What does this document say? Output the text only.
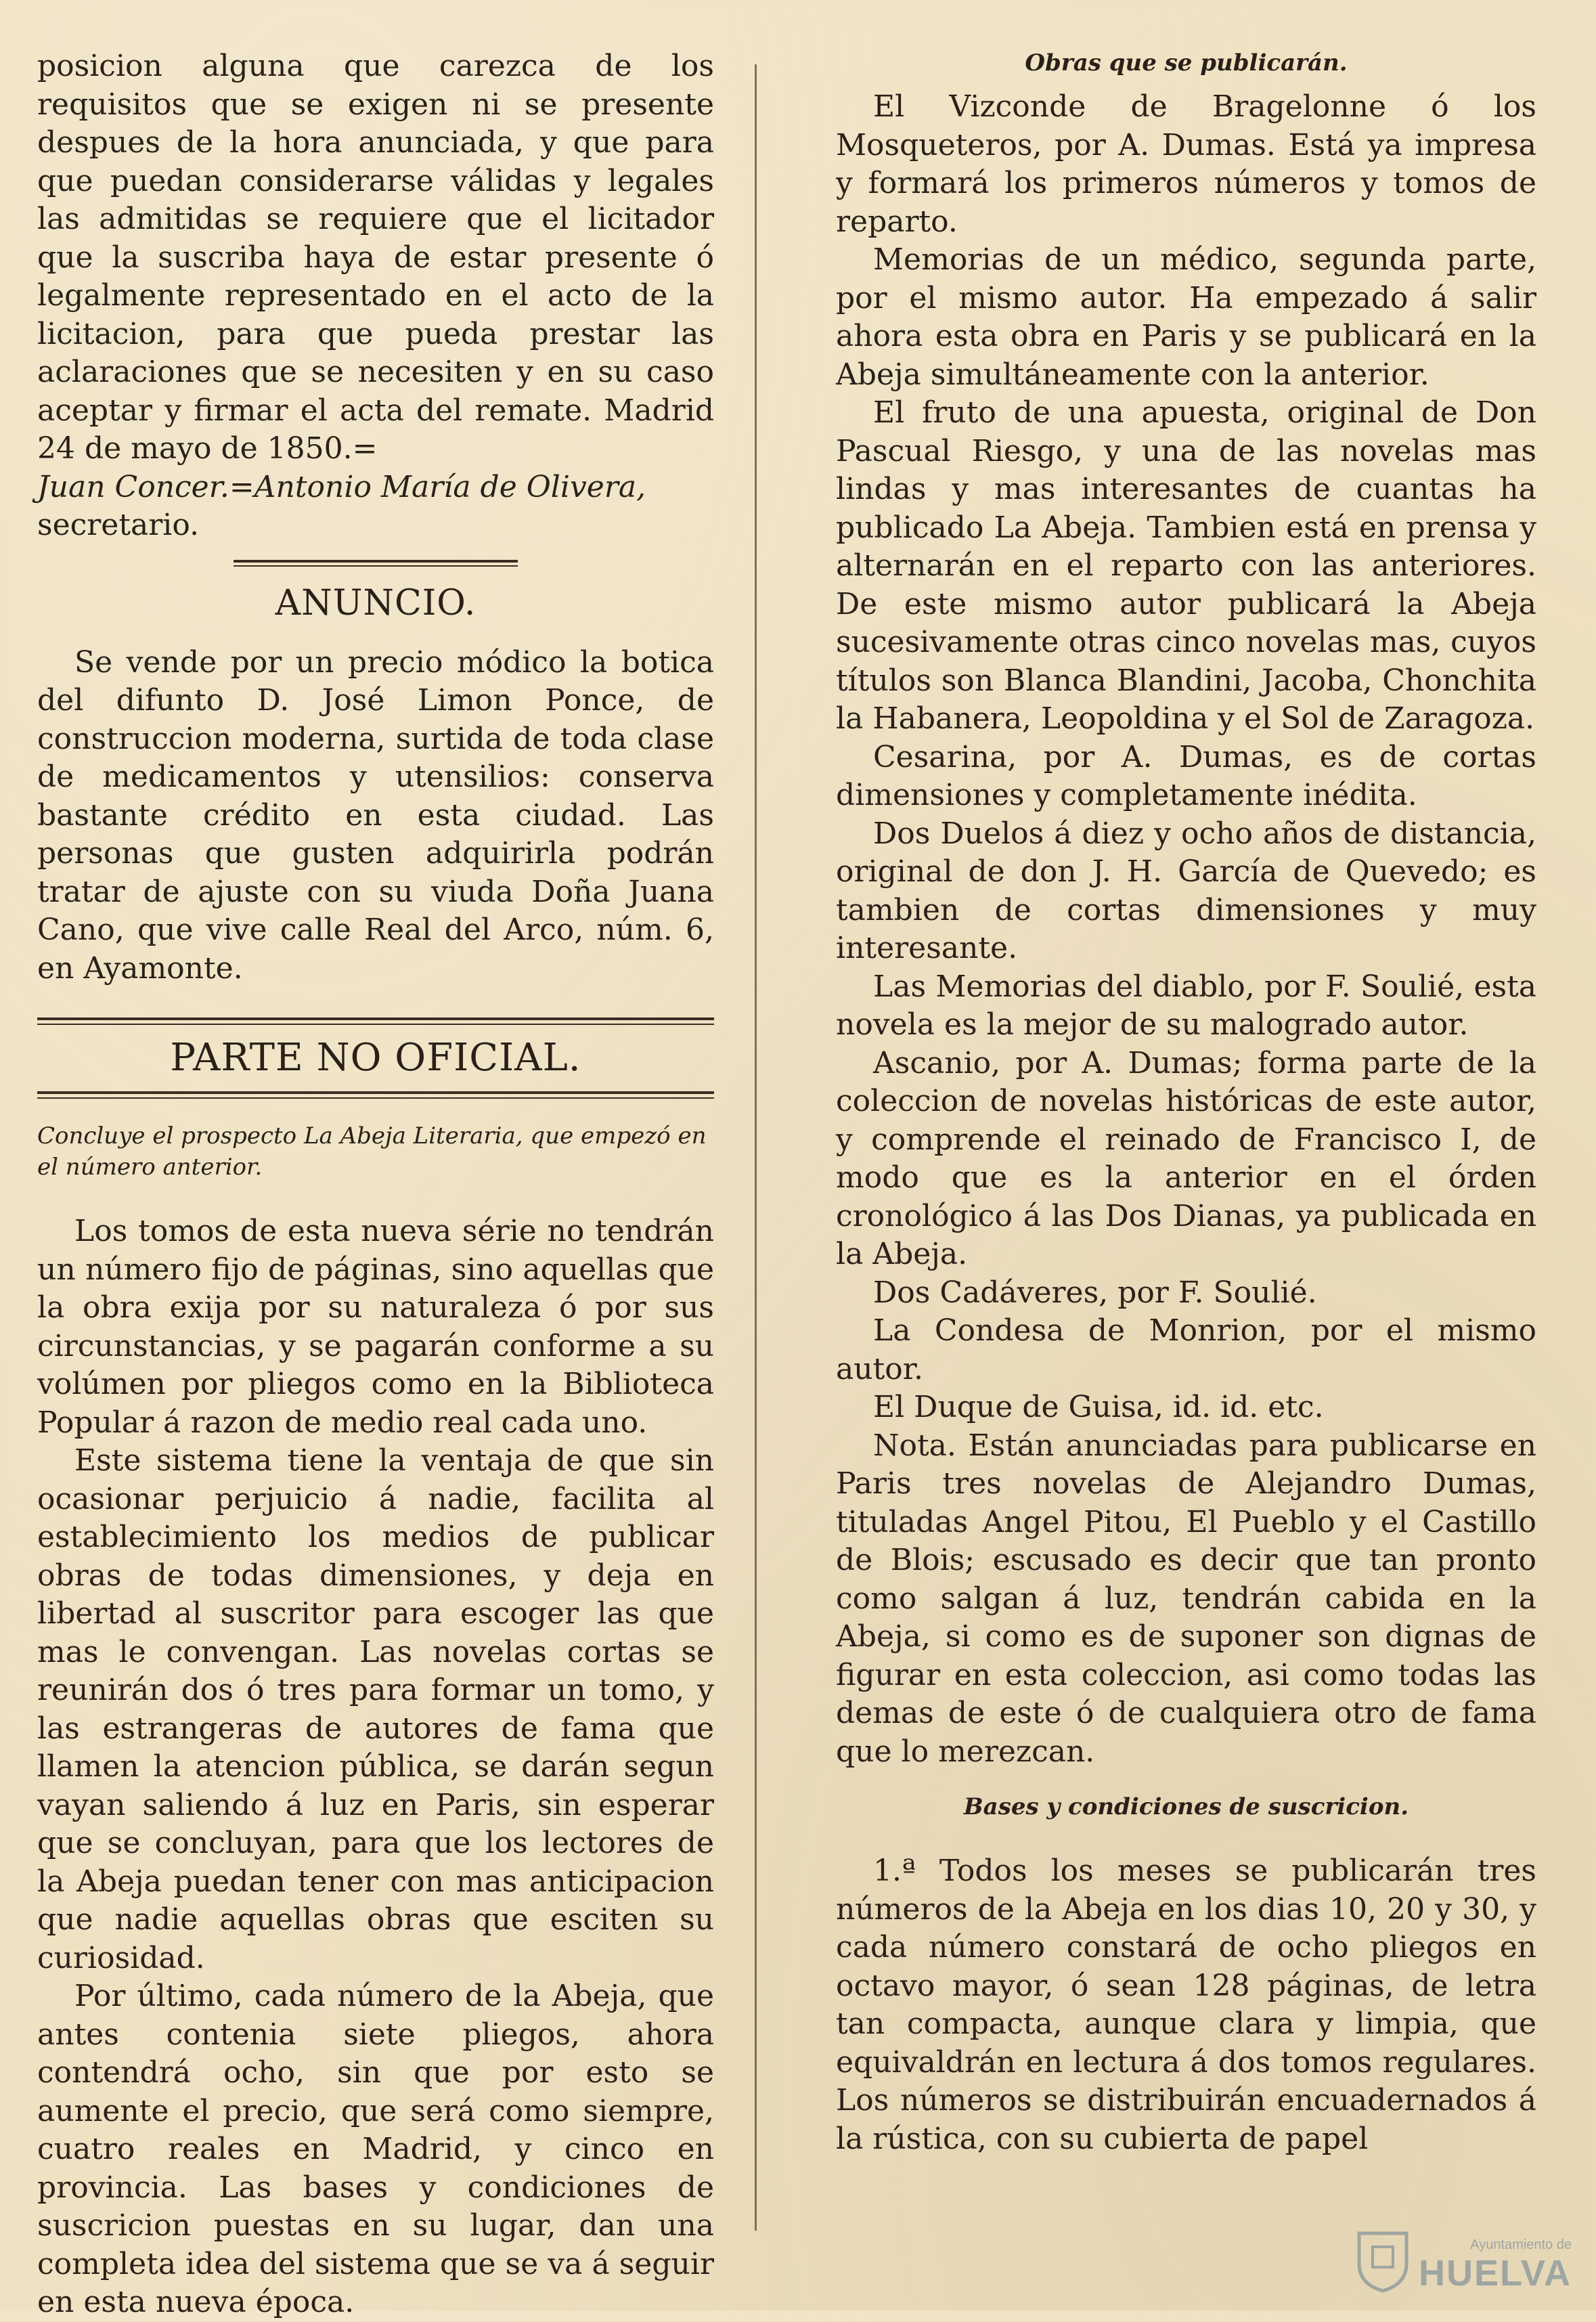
posicion alguna que carezca de los requisitos que se exigen ni se presente despues de la hora anunciada, y que para que puedan considerarse válidas y legales las admitidas se requiere que el licitador que la suscriba haya de estar presente ó legalmente representado en el acto de la licitacion, para que pueda prestar las aclaraciones que se necesiten y en su caso aceptar y firmar el acta del remate. Madrid 24 de mayo de 1850.=

Juan Concer.=Antonio María de Olivera,

secretario.

ANUNCIO.

Se vende por un precio módico la botica del difunto D. José Limon Ponce, de construccion moderna, surtida de toda clase de medicamentos y utensilios: conserva bastante crédito en esta ciudad. Las personas que gusten adquirirla podrán tratar de ajuste con su viuda Doña Juana Cano, que vive calle Real del Arco, núm. 6, en Ayamonte.

PARTE NO OFICIAL.

Concluye el prospecto La Abeja Literaria, que empezó en el número anterior.

Los tomos de esta nueva série no tendrán un número fijo de páginas, sino aquellas que la obra exija por su naturaleza ó por sus circunstancias, y se pagarán conforme a su volúmen por pliegos como en la Biblioteca Popular á razon de medio real cada uno.

Este sistema tiene la ventaja de que sin ocasionar perjuicio á nadie, facilita al establecimiento los medios de publicar obras de todas dimensiones, y deja en libertad al suscritor para escoger las que mas le convengan. Las novelas cortas se reunirán dos ó tres para formar un tomo, y las estrangeras de autores de fama que llamen la atencion pública, se darán segun vayan saliendo á luz en Paris, sin esperar que se concluyan, para que los lectores de la Abeja puedan tener con mas anticipacion que nadie aquellas obras que esciten su curiosidad.

Por último, cada número de la Abeja, que antes contenia siete pliegos, ahora contendrá ocho, sin que por esto se aumente el precio, que será como siempre, cuatro reales en Madrid, y cinco en provincia. Las bases y condiciones de suscricion puestas en su lugar, dan una completa idea del sistema que se va á seguir en esta nueva época.

Obras que se publicarán.

El Vizconde de Bragelonne ó los Mosqueteros, por A. Dumas. Está ya impresa y formará los primeros números y tomos de reparto.

Memorias de un médico, segunda parte, por el mismo autor. Ha empezado á salir ahora esta obra en Paris y se publicará en la Abeja simultáneamente con la anterior.

El fruto de una apuesta, original de Don Pascual Riesgo, y una de las novelas mas lindas y mas interesantes de cuantas ha publicado La Abeja. Tambien está en prensa y alternarán en el reparto con las anteriores. De este mismo autor publicará la Abeja sucesivamente otras cinco novelas mas, cuyos títulos son Blanca Blandini, Jacoba, Chonchita la Habanera, Leopoldina y el Sol de Zaragoza.

Cesarina, por A. Dumas, es de cortas dimensiones y completamente inédita.

Dos Duelos á diez y ocho años de distancia, original de don J. H. García de Quevedo; es tambien de cortas dimensiones y muy interesante.

Las Memorias del diablo, por F. Soulié, esta novela es la mejor de su malogrado autor.

Ascanio, por A. Dumas; forma parte de la coleccion de novelas históricas de este autor, y comprende el reinado de Francisco I, de modo que es la anterior en el órden cronológico á las Dos Dianas, ya publicada en la Abeja.

Dos Cadáveres, por F. Soulié.

La Condesa de Monrion, por el mismo autor.

El Duque de Guisa, id. id. etc.

Nota. Están anunciadas para publicarse en Paris tres novelas de Alejandro Dumas, tituladas Angel Pitou, El Pueblo y el Castillo de Blois; escusado es decir que tan pronto como salgan á luz, tendrán cabida en la Abeja, si como es de suponer son dignas de figurar en esta coleccion, asi como todas las demas de este ó de cualquiera otro de fama que lo merezcan.

Bases y condiciones de suscricion.

1.ª Todos los meses se publicarán tres números de la Abeja en los dias 10, 20 y 30, y cada número constará de ocho pliegos en octavo mayor, ó sean 128 páginas, de letra tan compacta, aunque clara y limpia, que equivaldrán en lectura á dos tomos regulares. Los números se distribuirán encuadernados á la rústica, con su cubierta de papel

Ayuntamiento de
HUELVA
